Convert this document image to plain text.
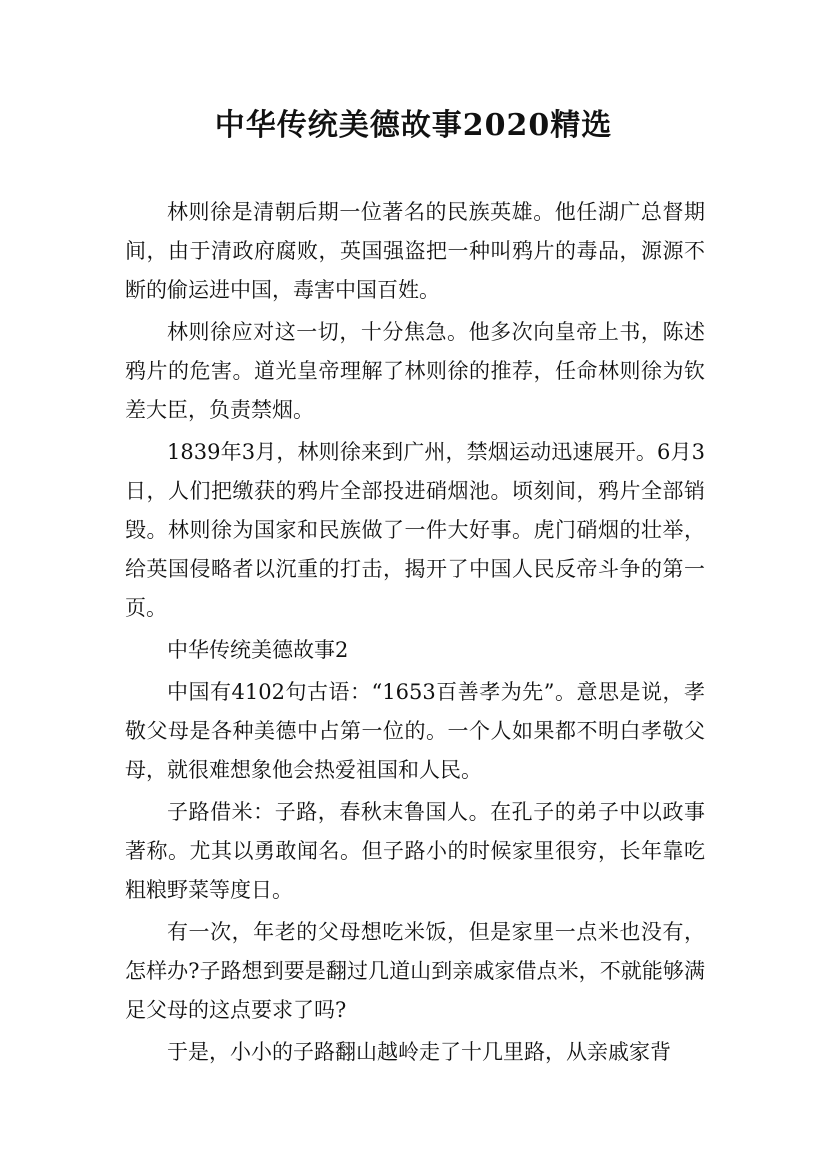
中华传统美德故事2020精选

林则徐是清朝后期一位著名的民族英雄。他任湖广总督期间，由于清政府腐败，英国强盗把一种叫鸦片的毒品，源源不断的偷运进中国，毒害中国百姓。

林则徐应对这一切，十分焦急。他多次向皇帝上书，陈述鸦片的危害。道光皇帝理解了林则徐的推荐，任命林则徐为钦差大臣，负责禁烟。

1839年3月，林则徐来到广州，禁烟运动迅速展开。6月3日，人们把缴获的鸦片全部投进硝烟池。顷刻间，鸦片全部销毁。林则徐为国家和民族做了一件大好事。虎门硝烟的壮举，给英国侵略者以沉重的打击，揭开了中国人民反帝斗争的第一页。

中华传统美德故事2

中国有4102句古语：“1653百善孝为先”。意思是说，孝敬父母是各种美德中占第一位的。一个人如果都不明白孝敬父母，就很难想象他会热爱祖国和人民。

子路借米：子路，春秋末鲁国人。在孔子的弟子中以政事著称。尤其以勇敢闻名。但子路小的时候家里很穷，长年靠吃粗粮野菜等度日。

有一次，年老的父母想吃米饭，但是家里一点米也没有，怎样办?子路想到要是翻过几道山到亲戚家借点米，不就能够满足父母的这点要求了吗?

于是，小小的子路翻山越岭走了十几里路，从亲戚家背
